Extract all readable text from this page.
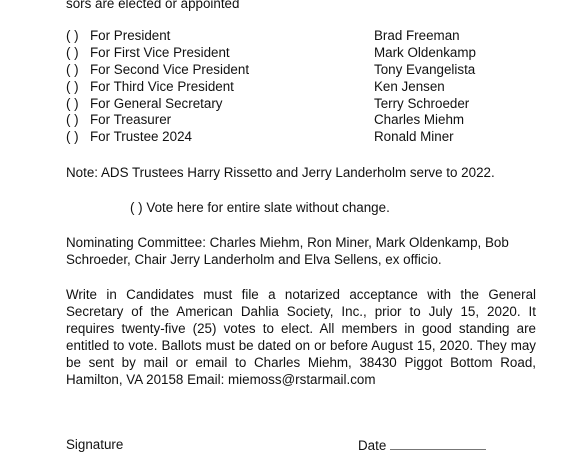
sors are elected or appointed
( ) For President	Brad Freeman
( ) For First Vice President	Mark Oldenkamp
( ) For Second Vice President	Tony Evangelista
( ) For Third Vice President	Ken Jensen
( ) For General Secretary	Terry Schroeder
( ) For Treasurer	Charles Miehm
( ) For Trustee 2024	Ronald Miner
Note: ADS Trustees Harry Rissetto and Jerry Landerholm serve to 2022.
( ) Vote here for entire slate without change.
Nominating Committee: Charles Miehm, Ron Miner, Mark Oldenkamp, Bob Schroeder, Chair Jerry Landerholm and Elva Sellens, ex officio.
Write in Candidates must file a notarized acceptance with the General Secretary of the American Dahlia Society, Inc., prior to July 15, 2020. It requires twenty-five (25) votes to elect. All members in good standing are entitled to vote. Ballots must be dated on or before August 15, 2020. They may be sent by mail or email to Charles Miehm, 38430 Piggot Bottom Road, Hamilton, VA 20158 Email: miemoss@rstarmail.com
Signature	Date
